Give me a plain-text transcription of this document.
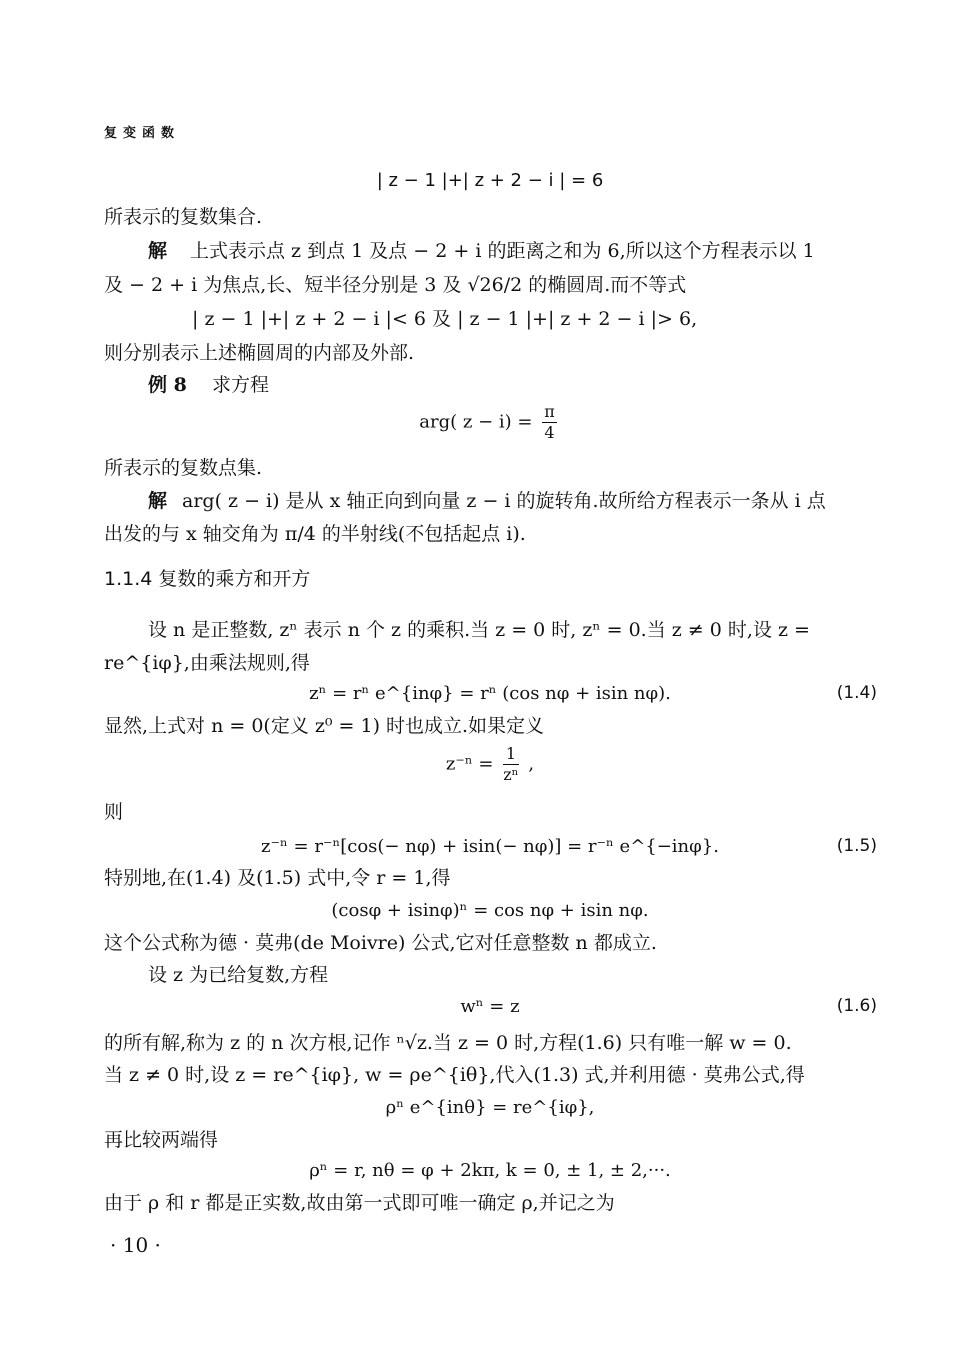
复变函数
| z − 1 |+| z + 2 − i | = 6
所表示的复数集合.
解 上式表示点 z 到点 1 及点 − 2 + i 的距离之和为 6,所以这个方程表示以 1
及 − 2 + i 为焦点,长、短半径分别是 3 及 √26/2 的椭圆周.而不等式
| z − 1 |+| z + 2 − i |< 6 及 | z − 1 |+| z + 2 − i |> 6,
则分别表示上述椭圆周的内部及外部.
例 8 求方程
arg( $z - i) = \frac{\pi}{4}$
所表示的复数点集.
解 arg( z − i) 是从 x 轴正向到向量 z − i 的旋转角.故所给方程表示一条从 i 点
出发的与 x 轴交角为 π/4 的半射线(不包括起点 i).
1.1.4 复数的乘方和开方
设 n 是正整数, zⁿ 表示 n 个 z 的乘积.当 z = 0 时, zⁿ = 0.当 z ≠ 0 时,设 z =
re^{iφ},由乘法规则,得
zⁿ = rⁿ e^{inφ} = rⁿ (cos nφ + isin nφ).	(1.4)
显然,上式对 n = 0(定义 z⁰ = 1) 时也成立.如果定义
$z^{-n} = \frac{1}{\text{zⁿ}}$ ,
则
z⁻ⁿ = r⁻ⁿ[cos(− nφ) + isin(− nφ)] = r⁻ⁿ e^{−inφ}.	(1.5)
特别地,在(1.4) 及(1.5) 式中,令 r = 1,得
(cosφ + isinφ)ⁿ = cos nφ + isin nφ.
这个公式称为德 · 莫弗(de Moivre) 公式,它对任意整数 n 都成立.
设 z 为已给复数,方程
wⁿ = z	(1.6)
的所有解,称为 z 的 n 次方根,记作 ⁿ√z.当 z = 0 时,方程(1.6) 只有唯一解 w = 0.
当 z ≠ 0 时,设 z = re^{iφ}, w = ρe^{iθ},代入(1.3) 式,并利用德 · 莫弗公式,得
ρⁿ e^{inθ} = re^{iφ},
再比较两端得
ρⁿ = r, nθ = φ + 2kπ, k = 0, ± 1, ± 2,···.
由于 ρ 和 r 都是正实数,故由第一式即可唯一确定 ρ,并记之为
· 10 ·
